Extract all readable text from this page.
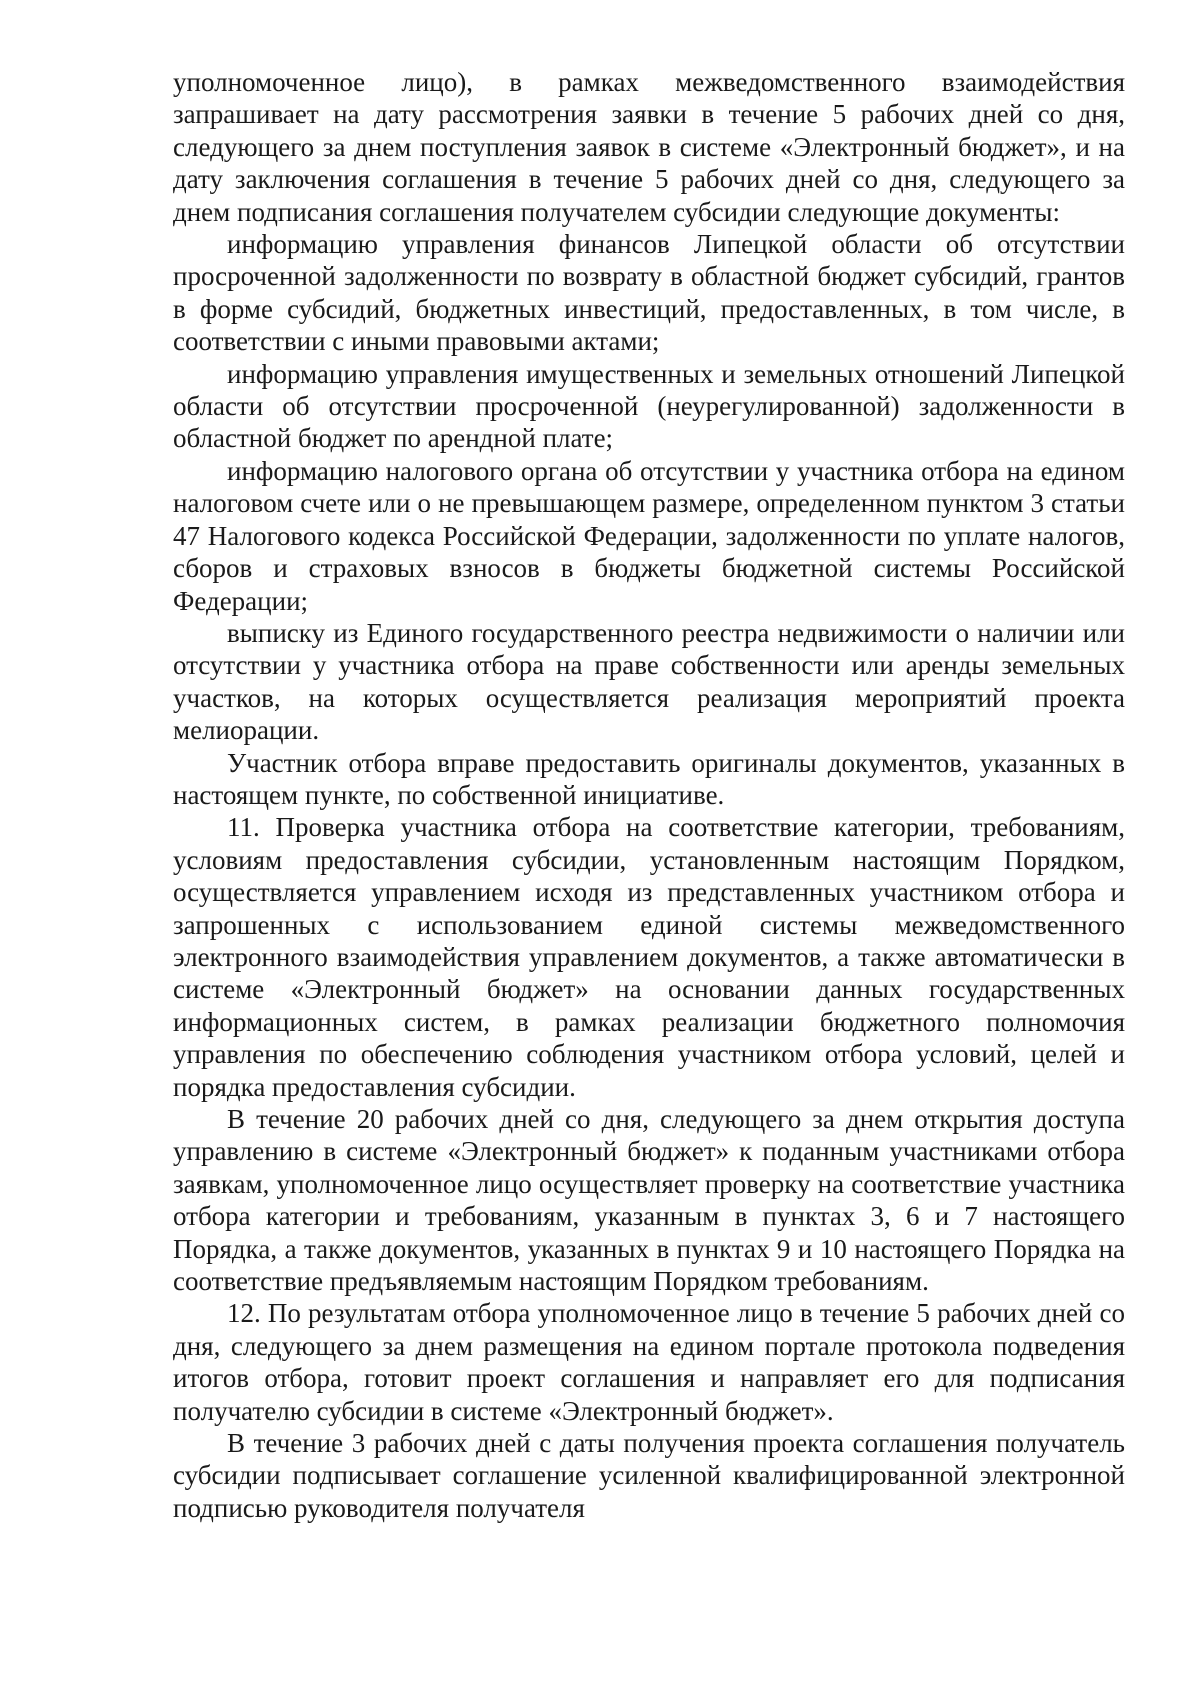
уполномоченное лицо), в рамках межведомственного взаимодействия запрашивает на дату рассмотрения заявки в течение 5 рабочих дней со дня, следующего за днем поступления заявок в системе «Электронный бюджет», и на дату заключения соглашения в течение 5 рабочих дней со дня, следующего за днем подписания соглашения получателем субсидии следующие документы:

информацию управления финансов Липецкой области об отсутствии просроченной задолженности по возврату в областной бюджет субсидий, грантов в форме субсидий, бюджетных инвестиций, предоставленных, в том числе, в соответствии с иными правовыми актами;

информацию управления имущественных и земельных отношений Липецкой области об отсутствии просроченной (неурегулированной) задолженности в областной бюджет по арендной плате;

информацию налогового органа об отсутствии у участника отбора на едином налоговом счете или о не превышающем размере, определенном пунктом 3 статьи 47 Налогового кодекса Российской Федерации, задолженности по уплате налогов, сборов и страховых взносов в бюджеты бюджетной системы Российской Федерации;

выписку из Единого государственного реестра недвижимости о наличии или отсутствии у участника отбора на праве собственности или аренды земельных участков, на которых осуществляется реализация мероприятий проекта мелиорации.

Участник отбора вправе предоставить оригиналы документов, указанных в настоящем пункте, по собственной инициативе.

11. Проверка участника отбора на соответствие категории, требованиям, условиям предоставления субсидии, установленным настоящим Порядком, осуществляется управлением исходя из представленных участником отбора и запрошенных с использованием единой системы межведомственного электронного взаимодействия управлением документов, а также автоматически в системе «Электронный бюджет» на основании данных государственных информационных систем, в рамках реализации бюджетного полномочия управления по обеспечению соблюдения участником отбора условий, целей и порядка предоставления субсидии.

В течение 20 рабочих дней со дня, следующего за днем открытия доступа управлению в системе «Электронный бюджет» к поданным участниками отбора заявкам, уполномоченное лицо осуществляет проверку на соответствие участника отбора категории и требованиям, указанным в пунктах 3, 6 и 7 настоящего Порядка, а также документов, указанных в пунктах 9 и 10 настоящего Порядка на соответствие предъявляемым настоящим Порядком требованиям.

12. По результатам отбора уполномоченное лицо в течение 5 рабочих дней со дня, следующего за днем размещения на едином портале протокола подведения итогов отбора, готовит проект соглашения и направляет его для подписания получателю субсидии в системе «Электронный бюджет».

В течение 3 рабочих дней с даты получения проекта соглашения получатель субсидии подписывает соглашение усиленной квалифицированной электронной подписью руководителя получателя
